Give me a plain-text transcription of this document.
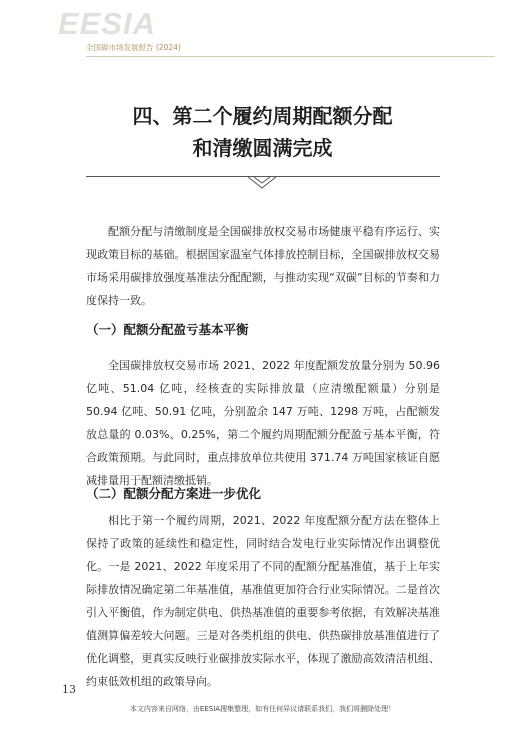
EESIA
全国碳市场发展报告 (2024)
四、第二个履约周期配额分配
和清缴圆满完成

配额分配与清缴制度是全国碳排放权交易市场健康平稳有序运行、实现政策目标的基础。根据国家温室气体排放控制目标，全国碳排放权交易市场采用碳排放强度基准法分配配额，与推动实现“双碳”目标的节奏和力度保持一致。

（一）配额分配盈亏基本平衡

全国碳排放权交易市场 2021、2022 年度配额发放量分别为 50.96 亿吨、51.04 亿吨，经核查的实际排放量（应清缴配额量）分别是 50.94 亿吨、50.91 亿吨，分别盈余 147 万吨、1298 万吨，占配额发放总量的 0.03%、0.25%，第二个履约周期配额分配盈亏基本平衡，符合政策预期。与此同时，重点排放单位共使用 371.74 万吨国家核证自愿减排量用于配额清缴抵销。

（二）配额分配方案进一步优化

相比于第一个履约周期，2021、2022 年度配额分配方法在整体上保持了政策的延续性和稳定性，同时结合发电行业实际情况作出调整优化。一是 2021、2022 年度采用了不同的配额分配基准值，基于上年实际排放情况确定第二年基准值，基准值更加符合行业实际情况。二是首次引入平衡值，作为制定供电、供热基准值的重要参考依据，有效解决基准值测算偏差较大问题。三是对各类机组的供电、供热碳排放基准值进行了优化调整，更真实反映行业碳排放实际水平，体现了激励高效清洁机组、约束低效机组的政策导向。

13
本文内容来自网络，由EESIA搜集整理，如有任何异议请联系我们，我们将删除处理！
